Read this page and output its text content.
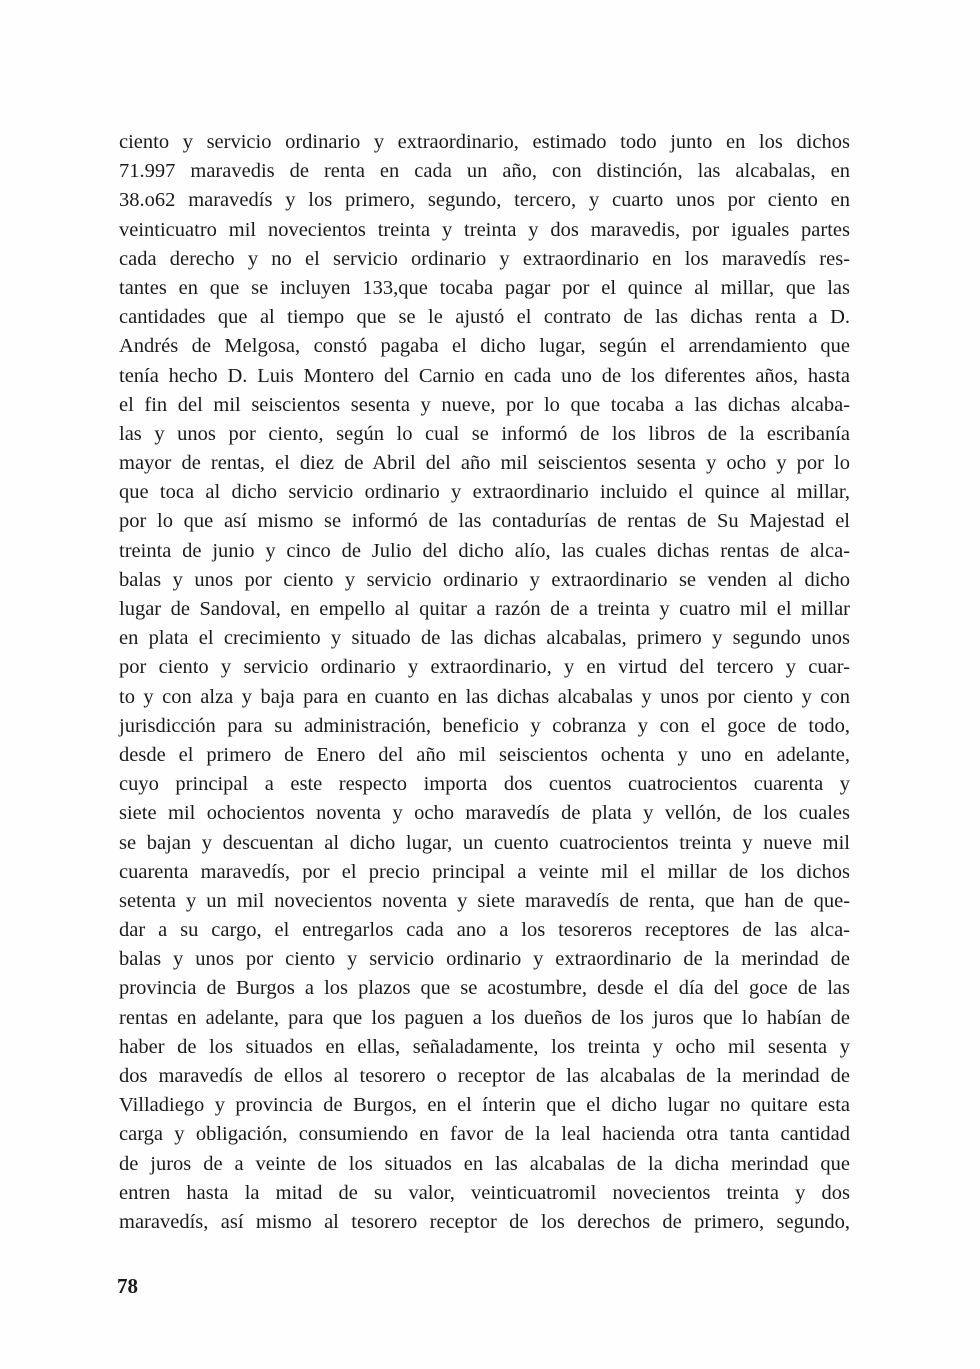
ciento y servicio ordinario y extraordinario, estimado todo junto en los dichos
71.997 maravedis de renta en cada un año, con distinción, las alcabalas, en
38.o62 maravedís y los primero, segundo, tercero, y cuarto unos por ciento en
veinticuatro mil novecientos treinta y treinta y dos maravedis, por iguales partes
cada derecho y no el servicio ordinario y extraordinario en los maravedís res-
tantes en que se incluyen 133,que tocaba pagar por el quince al millar, que las
cantidades que al tiempo que se le ajustó el contrato de las dichas renta a D.
Andrés de Melgosa, constó pagaba el dicho lugar, según el arrendamiento que
tenía hecho D. Luis Montero del Carnio en cada uno de los diferentes años, hasta
el fin del mil seiscientos sesenta y nueve, por lo que tocaba a las dichas alcaba-
las y unos por ciento, según lo cual se informó de los libros de la escribanía
mayor de rentas, el diez de Abril del año mil seiscientos sesenta y ocho y por lo
que toca al dicho servicio ordinario y extraordinario incluido el quince al millar,
por lo que así mismo se informó de las contadurías de rentas de Su Majestad el
treinta de junio y cinco de Julio del dicho alío, las cuales dichas rentas de alca-
balas y unos por ciento y servicio ordinario y extraordinario se venden al dicho
lugar de Sandoval, en empello al quitar a razón de a treinta y cuatro mil el millar
en plata el crecimiento y situado de las dichas alcabalas, primero y segundo unos
por ciento y servicio ordinario y extraordinario, y en virtud del tercero y cuar-
to y con alza y baja para en cuanto en las dichas alcabalas y unos por ciento y con
jurisdicción para su administración, beneficio y cobranza y con el goce de todo,
desde el primero de Enero del año mil seiscientos ochenta y uno en adelante,
cuyo principal a este respecto importa dos cuentos cuatrocientos cuarenta y
siete mil ochocientos noventa y ocho maravedís de plata y vellón, de los cuales
se bajan y descuentan al dicho lugar, un cuento cuatrocientos treinta y nueve mil
cuarenta maravedís, por el precio principal a veinte mil el millar de los dichos
setenta y un mil novecientos noventa y siete maravedís de renta, que han de que-
dar a su cargo, el entregarlos cada ano a los tesoreros receptores de las alca-
balas y unos por ciento y servicio ordinario y extraordinario de la merindad de
provincia de Burgos a los plazos que se acostumbre, desde el día del goce de las
rentas en adelante, para que los paguen a los dueños de los juros que lo habían de
haber de los situados en ellas, señaladamente, los treinta y ocho mil sesenta y
dos maravedís de ellos al tesorero o receptor de las alcabalas de la merindad de
Villadiego y provincia de Burgos, en el ínterin que el dicho lugar no quitare esta
carga y obligación, consumiendo en favor de la leal hacienda otra tanta cantidad
de juros de a veinte de los situados en las alcabalas de la dicha merindad que
entren hasta la mitad de su valor, veinticuatromil novecientos treinta y dos
maravedís, así mismo al tesorero receptor de los derechos de primero, segundo,
78
